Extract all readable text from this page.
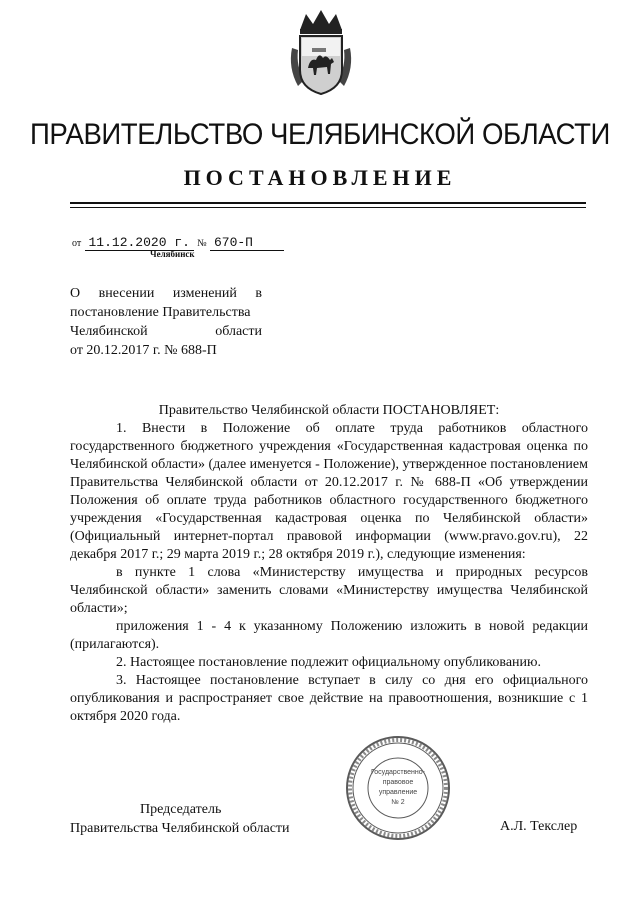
ПРАВИТЕЛЬСТВО ЧЕЛЯБИНСКОЙ ОБЛАСТИ
ПОСТАНОВЛЕНИЕ
от 11.12.2020 г. № 670-П
Челябинск
О внесении изменений в
постановление Правительства
Челябинской области
от 20.12.2017 г. № 688-П

Правительство Челябинской области ПОСТАНОВЛЯЕТ:

1. Внести в Положение об оплате труда работников областного государственного бюджетного учреждения «Государственная кадастровая оценка по Челябинской области» (далее именуется - Положение), утвержденное постановлением Правительства Челябинской области от 20.12.2017 г. № 688-П «Об утверждении Положения об оплате труда работников областного государственного бюджетного учреждения «Государственная кадастровая оценка по Челябинской области» (Официальный интернет-портал правовой информации (www.pravo.gov.ru), 22 декабря 2017 г.; 29 марта 2019 г.; 28 октября 2019 г.), следующие изменения:

в пункте 1 слова «Министерству имущества и природных ресурсов Челябинской области» заменить словами «Министерству имущества Челябинской области»;

приложения 1 - 4 к указанному Положению изложить в новой редакции (прилагаются).

2. Настоящее постановление подлежит официальному опубликованию.

3. Настоящее постановление вступает в силу со дня его официального опубликования и распространяет свое действие на правоотношения, возникшие с 1 октября 2020 года.

Государственно-
правовое
управление
№ 2
Председатель
Правительства Челябинской области	А.Л. Текслер
